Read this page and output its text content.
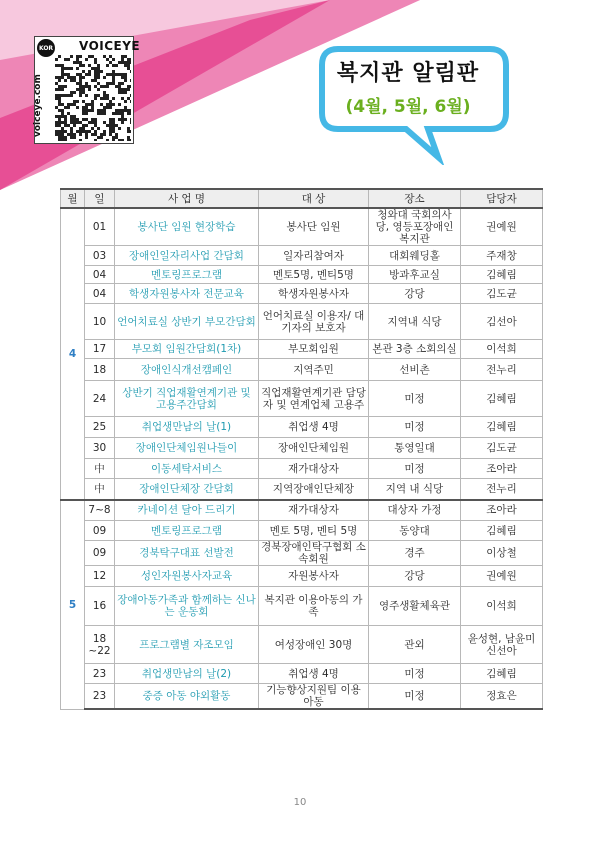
KOR VOICEYE
voiceye.com
복지관 알림판
(4월, 5월, 6월)
월	일	사 업 명	대 상	장소	담당자
4	01	봉사단 임원 현장학습	봉사단 임원	청와대 국회의사당, 영등포장애인복지관	권예원
	03	장애인일자리사업 간담회	일자리참여자	대회웨딩홀	주재창
	04	멘토링프로그램	멘토5명, 멘티5명	방과후교실	김혜림
	04	학생자원봉사자 전문교육	학생자원봉사자	강당	김도균
	10	언어치료실 상반기 부모간담회	언어치료실 이용자/ 대기자의 보호자	지역내 식당	김선아
	17	부모회 임원간담회(1차)	부모회임원	본관 3층 소회의실	이석희
	18	장애인식개선캠페인	지역주민	선비촌	전누리
	24	상반기 직업재활연계기관 및 고용주간담회	직업재활연계기관 담당자 및 연계업체 고용주	미정	김혜림
	25	취업생만남의 날(1)	취업생 4명	미정	김혜림
	30	장애인단체임원나들이	장애인단체임원	통영일대	김도균
	中	이동세탁서비스	재가대상자	미정	조아라
	中	장애인단체장 간담회	지역장애인단체장	지역 내 식당	전누리
5	7~8	카네이션 달아 드리기	재가대상자	대상자 가정	조아라
	09	멘토링프로그램	멘토 5명, 멘티 5명	동양대	김혜림
	09	경북탁구대표 선발전	경북장애인탁구협회 소속회원	경주	이상철
	12	성인자원봉사자교육	자원봉사자	강당	권예원
	16	장애아동가족과 함께하는 신나는 운동회	복지관 이용아동의 가족	영주생활체육관	이석희
	18 ~22	프로그램별 자조모임	여성장애인 30명	관외	윤성현, 남윤미 신선아
	23	취업생만남의 날(2)	취업생 4명	미정	김혜림
	23	중증 아동 야외활동	기능향상지원팀 이용 아동	미정	정효은
10
